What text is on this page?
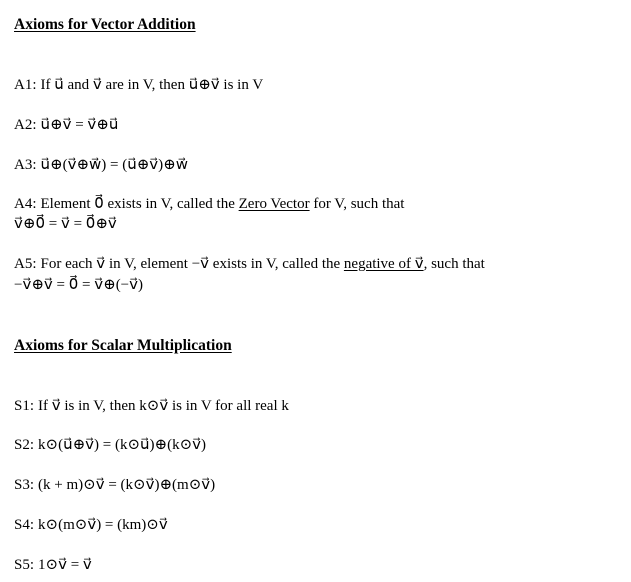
Axioms for Vector Addition
A1: If u⃗ and v⃗ are in V, then u⃗⊕v⃗ is in V
A2: u⃗⊕v⃗ = v⃗⊕u⃗
A3: u⃗⊕(v⃗⊕w⃗) = (u⃗⊕v⃗)⊕w⃗
A4: Element 0⃗ exists in V, called the Zero Vector for V, such that
v⃗⊕0⃗ = v⃗ = 0⃗⊕v⃗
A5: For each v⃗ in V, element −v⃗ exists in V, called the negative of v⃗, such that
−v⃗⊕v⃗ = 0⃗ = v⃗⊕(−v⃗)
Axioms for Scalar Multiplication
S1: If v⃗ is in V, then k⊙v⃗ is in V for all real k
S2: k⊙(u⃗⊕v⃗) = (k⊙u⃗)⊕(k⊙v⃗)
S3: (k + m)⊙v⃗ = (k⊙v⃗)⊕(m⊙v⃗)
S4: k⊙(m⊙v⃗) = (km)⊙v⃗
S5: 1⊙v⃗ = v⃗
